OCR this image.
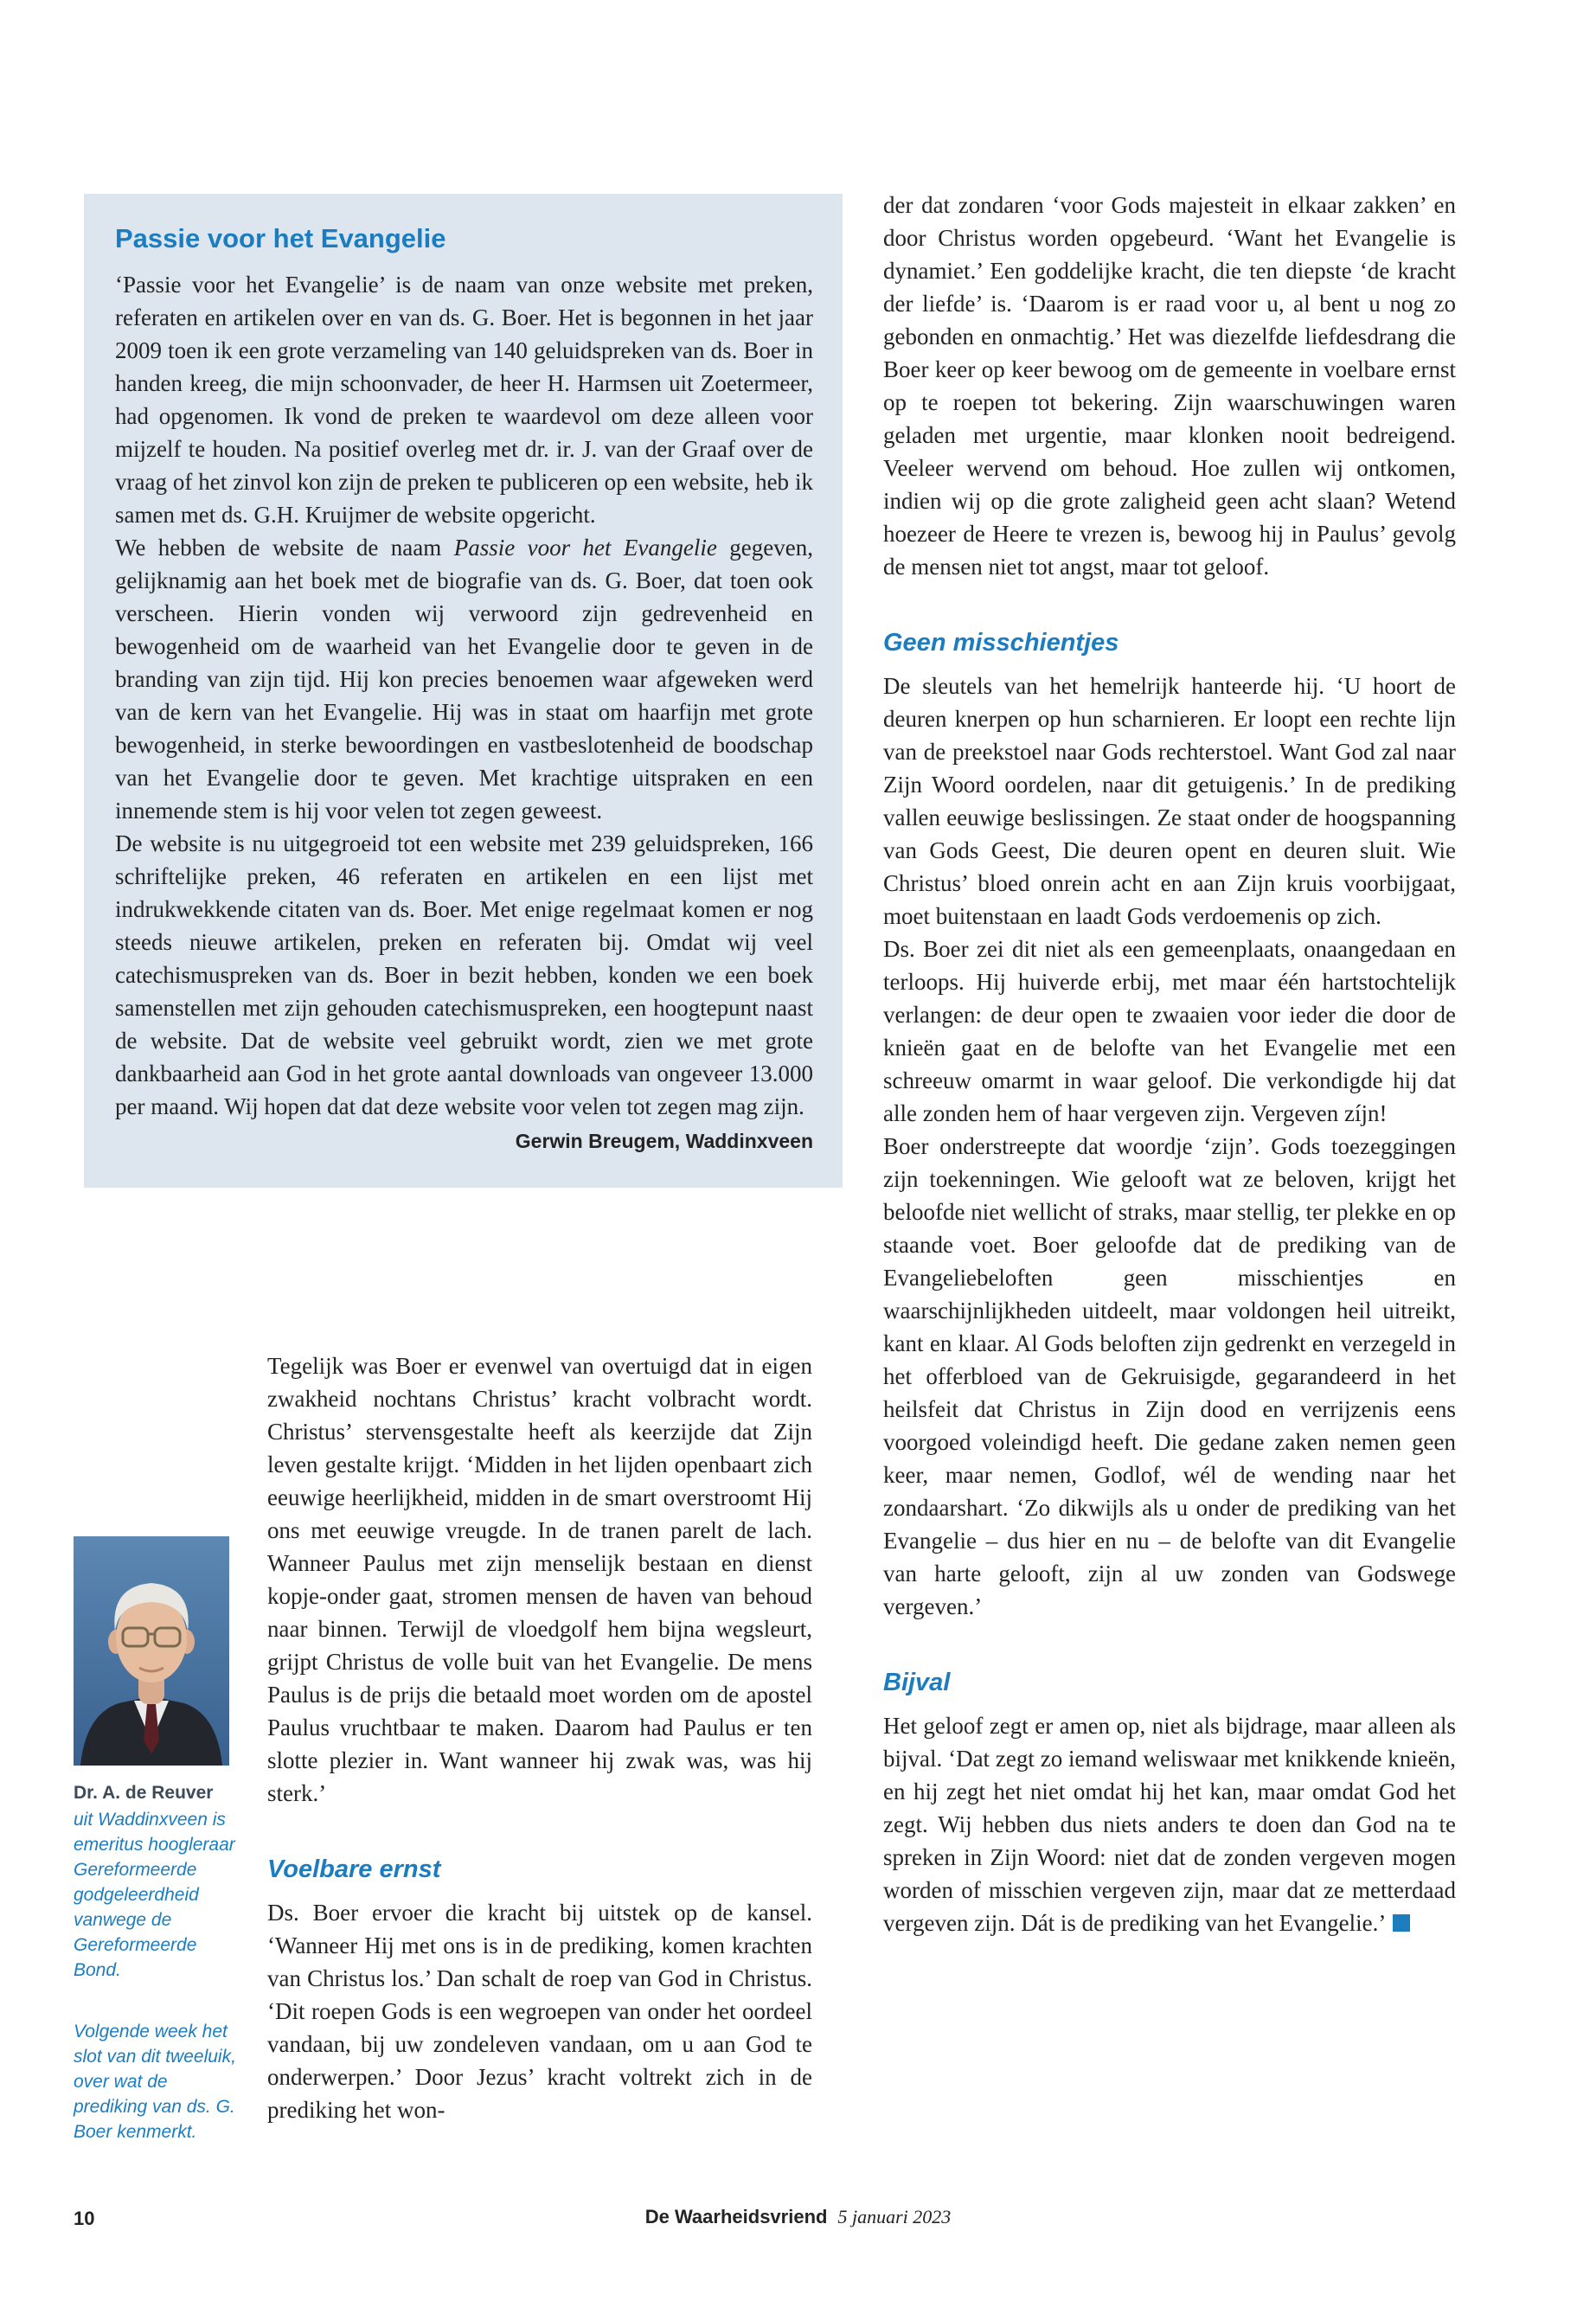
Passie voor het Evangelie

‘Passie voor het Evangelie’ is de naam van onze website met preken, referaten en artikelen over en van ds. G. Boer. Het is begonnen in het jaar 2009 toen ik een grote verzameling van 140 geluidspreken van ds. Boer in handen kreeg, die mijn schoonvader, de heer H. Harmsen uit Zoetermeer, had opgenomen. Ik vond de preken te waardevol om deze alleen voor mijzelf te houden. Na positief overleg met dr. ir. J. van der Graaf over de vraag of het zinvol kon zijn de preken te publiceren op een website, heb ik samen met ds. G.H. Kruijmer de website opgericht.

We hebben de website de naam Passie voor het Evangelie gegeven, gelijknamig aan het boek met de biografie van ds. G. Boer, dat toen ook verscheen. Hierin vonden wij verwoord zijn gedrevenheid en bewogenheid om de waarheid van het Evangelie door te geven in de branding van zijn tijd. Hij kon precies benoemen waar afgeweken werd van de kern van het Evangelie. Hij was in staat om haarfijn met grote bewogenheid, in sterke bewoordingen en vastbeslotenheid de boodschap van het Evangelie door te geven. Met krachtige uitspraken en een innemende stem is hij voor velen tot zegen geweest.

De website is nu uitgegroeid tot een website met 239 geluidspreken, 166 schriftelijke preken, 46 referaten en artikelen en een lijst met indrukwekkende citaten van ds. Boer. Met enige regelmaat komen er nog steeds nieuwe artikelen, preken en referaten bij. Omdat wij veel catechismuspreken van ds. Boer in bezit hebben, konden we een boek samenstellen met zijn gehouden catechismuspreken, een hoogtepunt naast de website. Dat de website veel gebruikt wordt, zien we met grote dankbaarheid aan God in het grote aantal downloads van ongeveer 13.000 per maand. Wij hopen dat dat deze website voor velen tot zegen mag zijn.

Gerwin Breugem, Waddinxveen

Dr. A. de Reuver

uit Waddinxveen is emeritus hoogleraar Gereformeerde godgeleerdheid vanwege de Gereformeerde Bond.

Volgende week het slot van dit tweeluik, over wat de prediking van ds. G. Boer kenmerkt.

Tegelijk was Boer er evenwel van overtuigd dat in eigen zwakheid nochtans Christus’ kracht volbracht wordt. Christus’ stervensgestalte heeft als keerzijde dat Zijn leven gestalte krijgt. ‘Midden in het lijden openbaart zich eeuwige heerlijkheid, midden in de smart overstroomt Hij ons met eeuwige vreugde. In de tranen parelt de lach. Wanneer Paulus met zijn menselijk bestaan en dienst kopje-onder gaat, stromen mensen de haven van behoud naar binnen. Terwijl de vloedgolf hem bijna wegsleurt, grijpt Christus de volle buit van het Evangelie. De mens Paulus is de prijs die betaald moet worden om de apostel Paulus vruchtbaar te maken. Daarom had Paulus er ten slotte plezier in. Want wanneer hij zwak was, was hij sterk.’

Voelbare ernst

Ds. Boer ervoer die kracht bij uitstek op de kansel. ‘Wanneer Hij met ons is in de prediking, komen krachten van Christus los.’ Dan schalt de roep van God in Christus. ‘Dit roepen Gods is een wegroepen van onder het oordeel vandaan, bij uw zondeleven vandaan, om u aan God te onderwerpen.’ Door Jezus’ kracht voltrekt zich in de prediking het won-

der dat zondaren ‘voor Gods majesteit in elkaar zakken’ en door Christus worden opgebeurd. ‘Want het Evangelie is dynamiet.’ Een goddelijke kracht, die ten diepste ‘de kracht der liefde’ is. ‘Daarom is er raad voor u, al bent u nog zo gebonden en onmachtig.’ Het was diezelfde liefdesdrang die Boer keer op keer bewoog om de gemeente in voelbare ernst op te roepen tot bekering. Zijn waarschuwingen waren geladen met urgentie, maar klonken nooit bedreigend. Veeleer wervend om behoud. Hoe zullen wij ontkomen, indien wij op die grote zaligheid geen acht slaan? Wetend hoezeer de Heere te vrezen is, bewoog hij in Paulus’ gevolg de mensen niet tot angst, maar tot geloof.

Geen misschientjes

De sleutels van het hemelrijk hanteerde hij. ‘U hoort de deuren knerpen op hun scharnieren. Er loopt een rechte lijn van de preekstoel naar Gods rechterstoel. Want God zal naar Zijn Woord oordelen, naar dit getuigenis.’ In de prediking vallen eeuwige beslissingen. Ze staat onder de hoogspanning van Gods Geest, Die deuren opent en deuren sluit. Wie Christus’ bloed onrein acht en aan Zijn kruis voorbijgaat, moet buitenstaan en laadt Gods verdoemenis op zich.

Ds. Boer zei dit niet als een gemeenplaats, onaangedaan en terloops. Hij huiverde erbij, met maar één hartstochtelijk verlangen: de deur open te zwaaien voor ieder die door de knieën gaat en de belofte van het Evangelie met een schreeuw omarmt in waar geloof. Die verkondigde hij dat alle zonden hem of haar vergeven zijn. Vergeven zíjn!

Boer onderstreepte dat woordje ‘zijn’. Gods toezeggingen zijn toekenningen. Wie gelooft wat ze beloven, krijgt het beloofde niet wellicht of straks, maar stellig, ter plekke en op staande voet. Boer geloofde dat de prediking van de Evangeliebeloften geen misschientjes en waarschijnlijkheden uitdeelt, maar voldongen heil uitreikt, kant en klaar. Al Gods beloften zijn gedrenkt en verzegeld in het offerbloed van de Gekruisigde, gegarandeerd in het heilsfeit dat Christus in Zijn dood en verrijzenis eens voorgoed voleindigd heeft. Die gedane zaken nemen geen keer, maar nemen, Godlof, wél de wending naar het zondaarshart. ‘Zo dikwijls als u onder de prediking van het Evangelie – dus hier en nu – de belofte van dit Evangelie van harte gelooft, zijn al uw zonden van Godswege vergeven.’

Bijval

Het geloof zegt er amen op, niet als bijdrage, maar alleen als bijval. ‘Dat zegt zo iemand weliswaar met knikkende knieën, en hij zegt het niet omdat hij het kan, maar omdat God het zegt. Wij hebben dus niets anders te doen dan God na te spreken in Zijn Woord: niet dat de zonden vergeven mogen worden of misschien vergeven zijn, maar dat ze metterdaad vergeven zijn. Dát is de prediking van het Evangelie.’

10	De Waarheidsvriend 5 januari 2023
